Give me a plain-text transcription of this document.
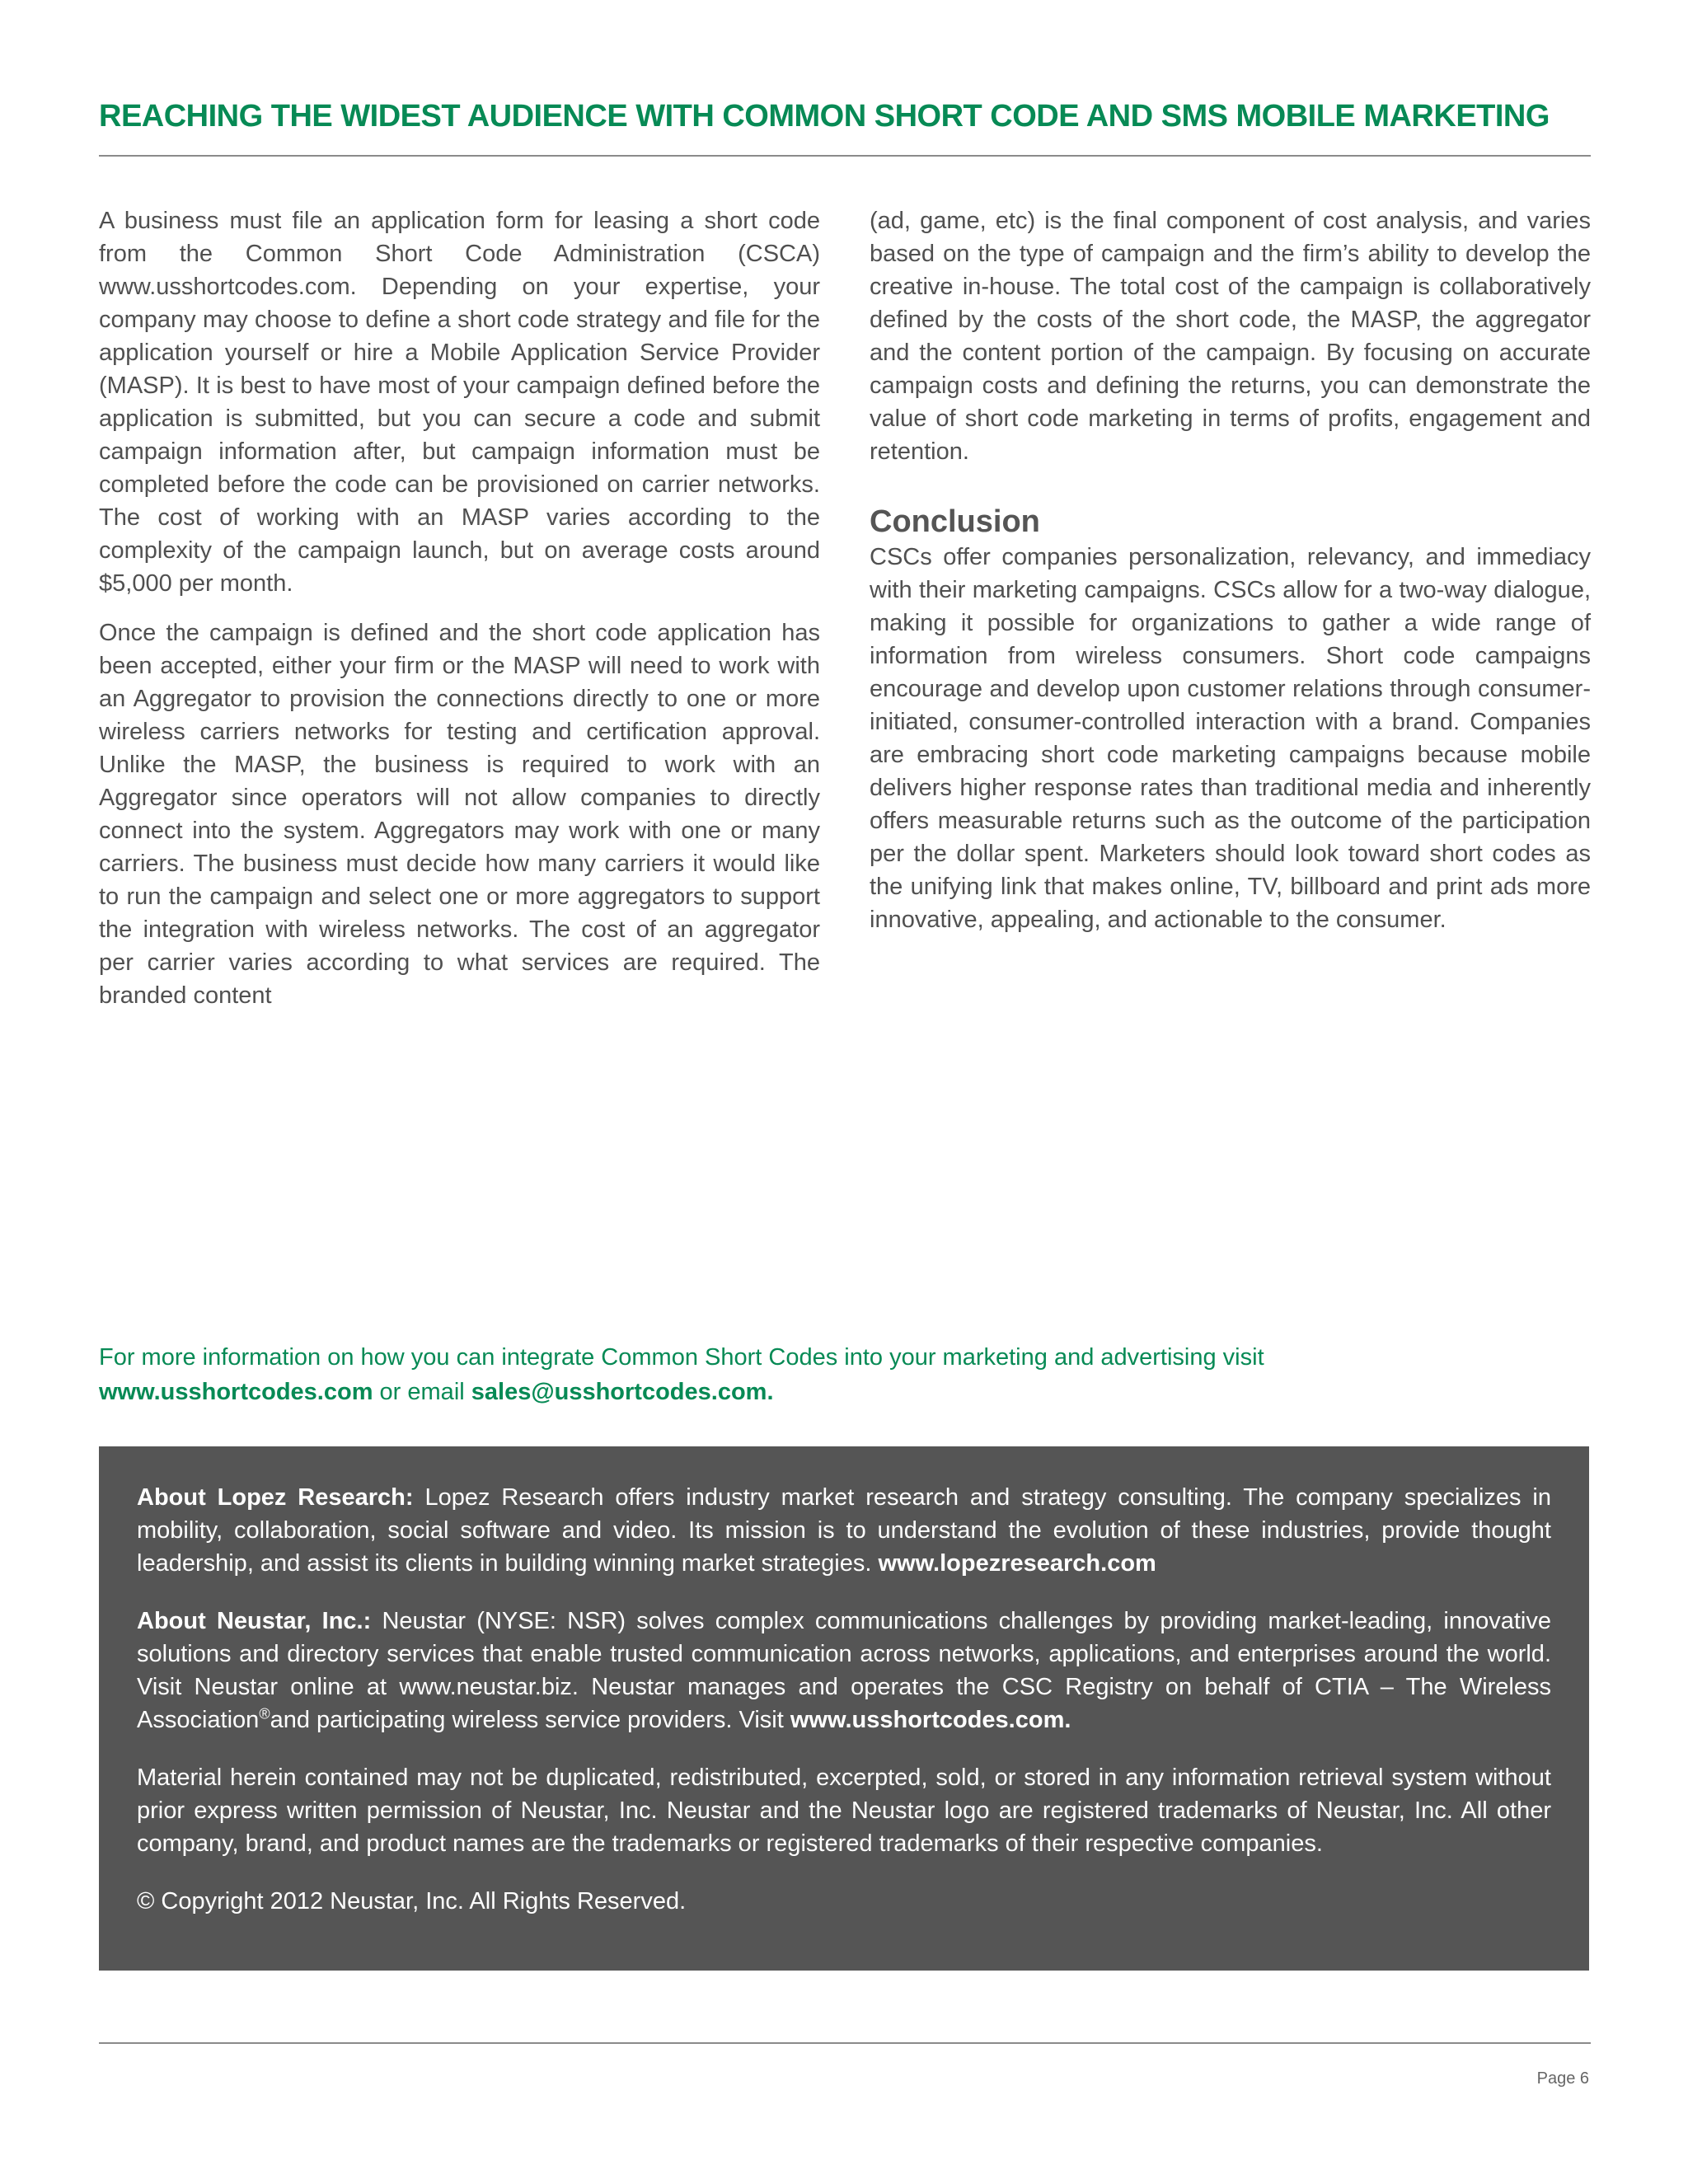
REACHING THE WIDEST AUDIENCE WITH COMMON SHORT CODE AND SMS MOBILE MARKETING

A business must file an application form for leasing a short code from the Common Short Code Administration (CSCA) www.usshortcodes.com. Depending on your expertise, your company may choose to define a short code strategy and file for the application yourself or hire a Mobile Application Service Provider (MASP). It is best to have most of your campaign defined before the application is submitted, but you can secure a code and submit campaign information after, but campaign information must be completed before the code can be provisioned on carrier networks. The cost of working with an MASP varies according to the complexity of the campaign launch, but on average costs around $5,000 per month.

Once the campaign is defined and the short code application has been accepted, either your firm or the MASP will need to work with an Aggregator to provision the connections directly to one or more wireless carriers networks for testing and certification approval. Unlike the MASP, the business is required to work with an Aggregator since operators will not allow companies to directly connect into the system. Aggregators may work with one or many carriers. The business must decide how many carriers it would like to run the campaign and select one or more aggregators to support the integration with wireless networks. The cost of an aggregator per carrier varies according to what services are required. The branded content

(ad, game, etc) is the final component of cost analysis, and varies based on the type of campaign and the firm’s ability to develop the creative in-house. The total cost of the campaign is collaboratively defined by the costs of the short code, the MASP, the aggregator and the content portion of the campaign. By focusing on accurate campaign costs and defining the returns, you can demonstrate the value of short code marketing in terms of profits, engagement and retention.

Conclusion

CSCs offer companies personalization, relevancy, and immediacy with their marketing campaigns. CSCs allow for a two-way dialogue, making it possible for organizations to gather a wide range of information from wireless consumers. Short code campaigns encourage and develop upon customer relations through consumer-initiated, consumer-controlled interaction with a brand. Companies are embracing short code marketing campaigns because mobile delivers higher response rates than traditional media and inherently offers measurable returns such as the outcome of the participation per the dollar spent. Marketers should look toward short codes as the unifying link that makes online, TV, billboard and print ads more innovative, appealing, and actionable to the consumer.

For more information on how you can integrate Common Short Codes into your marketing and advertising visit
www.usshortcodes.com or email sales@usshortcodes.com.

About Lopez Research: Lopez Research offers industry market research and strategy consulting. The company specializes in mobility, collaboration, social software and video. Its mission is to understand the evolution of these industries, provide thought leadership, and assist its clients in building winning market strategies. www.lopezresearch.com

About Neustar, Inc.: Neustar (NYSE: NSR) solves complex communications challenges by providing market-leading, innovative solutions and directory services that enable trusted communication across networks, applications, and enterprises around the world. Visit Neustar online at www.neustar.biz. Neustar manages and operates the CSC Registry on behalf of CTIA – The Wireless Association®and participating wireless service providers. Visit www.usshortcodes.com.

Material herein contained may not be duplicated, redistributed, excerpted, sold, or stored in any information retrieval system without prior express written permission of Neustar, Inc. Neustar and the Neustar logo are registered trademarks of Neustar, Inc. All other company, brand, and product names are the trademarks or registered trademarks of their respective companies.

© Copyright 2012 Neustar, Inc. All Rights Reserved.

Page 6
